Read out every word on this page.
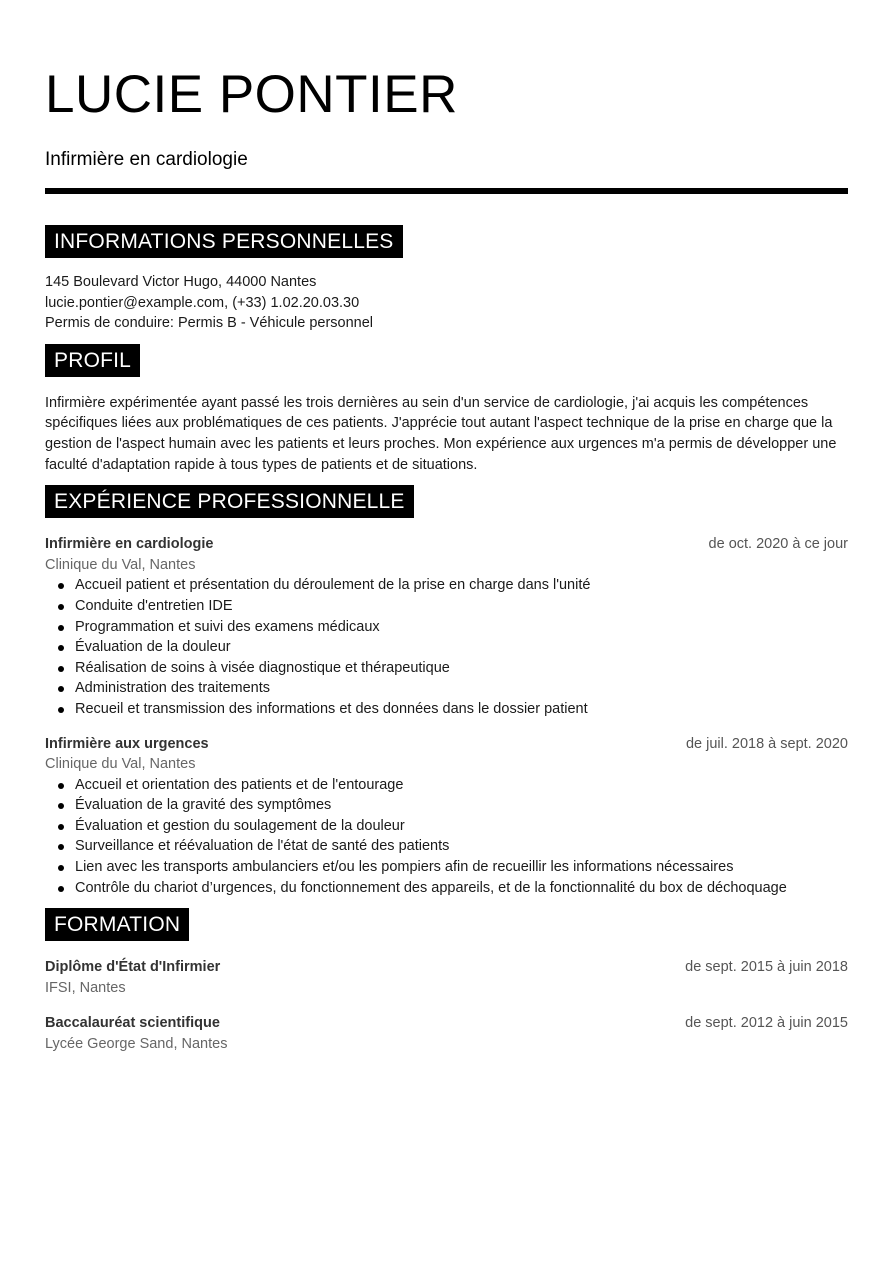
LUCIE PONTIER
Infirmière en cardiologie
INFORMATIONS PERSONNELLES
145 Boulevard Victor Hugo, 44000 Nantes
lucie.pontier@example.com, (+33) 1.02.20.03.30
Permis de conduire: Permis B - Véhicule personnel
PROFIL
Infirmière expérimentée ayant passé les trois dernières au sein d'un service de cardiologie, j'ai acquis les compétences spécifiques liées aux problématiques de ces patients. J'apprécie tout autant l'aspect technique de la prise en charge que la gestion de l'aspect humain avec les patients et leurs proches. Mon expérience aux urgences m'a permis de développer une faculté d'adaptation rapide à tous types de patients et de situations.
EXPÉRIENCE PROFESSIONNELLE
Infirmière en cardiologie	de oct. 2020 à ce jour
Clinique du Val, Nantes
Accueil patient et présentation du déroulement de la prise en charge dans l'unité
Conduite d'entretien IDE
Programmation et suivi des examens médicaux
Évaluation de la douleur
Réalisation de soins à visée diagnostique et thérapeutique
Administration des traitements
Recueil et transmission des informations et des données dans le dossier patient
Infirmière aux urgences	de juil. 2018 à sept. 2020
Clinique du Val, Nantes
Accueil et orientation des patients et de l'entourage
Évaluation de la gravité des symptômes
Évaluation et gestion du soulagement de la douleur
Surveillance et réévaluation de l'état de santé des patients
Lien avec les transports ambulanciers et/ou les pompiers afin de recueillir les informations nécessaires
Contrôle du chariot d’urgences, du fonctionnement des appareils, et de la fonctionnalité du box de déchoquage
FORMATION
Diplôme d'État d'Infirmier	de sept. 2015 à juin 2018
IFSI, Nantes
Baccalauréat scientifique	de sept. 2012 à juin 2015
Lycée George Sand, Nantes
